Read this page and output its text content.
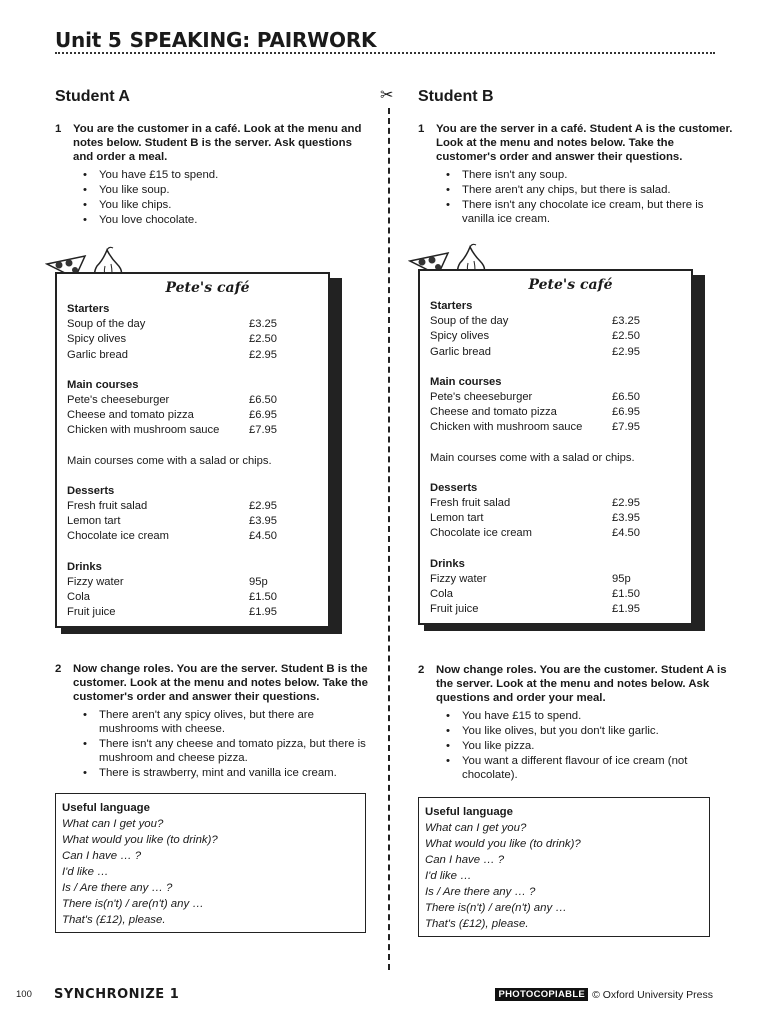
Unit 5 SPEAKING: PAIRWORK
✂
Student A
1	You are the customer in a café. Look at the menu and notes below. Student B is the server. Ask questions and order a meal.
• You have £15 to spend.
• You like soup.
• You like chips.
• You love chocolate.
Pete's café
Starters
Soup of the day	£3.25
Spicy olives	£2.50
Garlic bread	£2.95
Main courses
Pete's cheeseburger	£6.50
Cheese and tomato pizza	£6.95
Chicken with mushroom sauce	£7.95
Main courses come with a salad or chips.
Desserts
Fresh fruit salad	£2.95
Lemon tart	£3.95
Chocolate ice cream	£4.50
Drinks
Fizzy water	95p
Cola	£1.50
Fruit juice	£1.95
2	Now change roles. You are the server. Student B is the customer. Look at the menu and notes below. Take the customer's order and answer their questions.
• There aren't any spicy olives, but there are mushrooms with cheese.
• There isn't any cheese and tomato pizza, but there is mushroom and cheese pizza.
• There is strawberry, mint and vanilla ice cream.
Useful language
What can I get you?
What would you like (to drink)?
Can I have … ?
I'd like …
Is / Are there any … ?
There is(n't) / are(n't) any …
That's (£12), please.
Student B
1	You are the server in a café. Student A is the customer. Look at the menu and notes below. Take the customer's order and answer their questions.
• There isn't any soup.
• There aren't any chips, but there is salad.
• There isn't any chocolate ice cream, but there is vanilla ice cream.
Pete's café
Starters
Soup of the day	£3.25
Spicy olives	£2.50
Garlic bread	£2.95
Main courses
Pete's cheeseburger	£6.50
Cheese and tomato pizza	£6.95
Chicken with mushroom sauce	£7.95
Main courses come with a salad or chips.
Desserts
Fresh fruit salad	£2.95
Lemon tart	£3.95
Chocolate ice cream	£4.50
Drinks
Fizzy water	95p
Cola	£1.50
Fruit juice	£1.95
2	Now change roles. You are the customer. Student A is the server. Look at the menu and notes below. Ask questions and order your meal.
• You have £15 to spend.
• You like olives, but you don't like garlic.
• You like pizza.
• You want a different flavour of ice cream (not chocolate).
Useful language
What can I get you?
What would you like (to drink)?
Can I have … ?
I'd like …
Is / Are there any … ?
There is(n't) / are(n't) any …
That's (£12), please.
100 SYNCHRONIZE 1	PHOTOCOPIABLE © Oxford University Press
